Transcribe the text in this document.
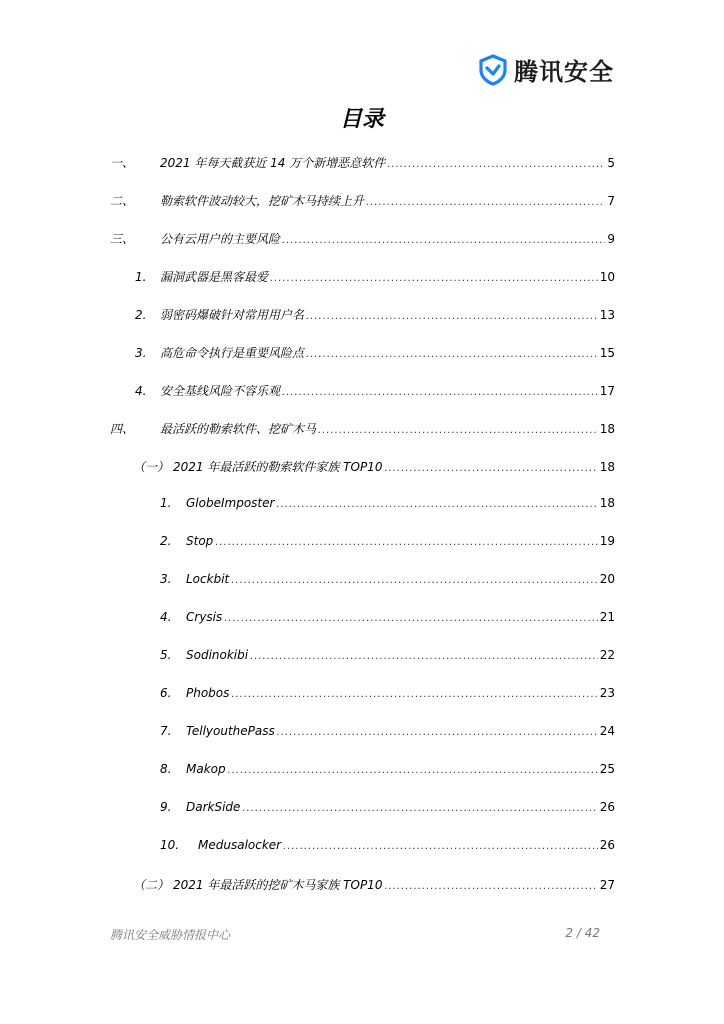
腾讯安全
目录
一、	2021 年每天截获近 14 万个新增恶意软件 .....	5
二、	勒索软件波动较大，挖矿木马持续上升 .....	7
三、	公有云用户的主要风险 .....	9
1.	漏洞武器是黑客最爱 .....	10
2.	弱密码爆破针对常用用户名 .....	13
3.	高危命令执行是重要风险点 .....	15
4.	安全基线风险不容乐观 .....	17
四、	最活跃的勒索软件、挖矿木马 .....	18
（一） 2021 年最活跃的勒索软件家族 TOP10 .....	18
1.	GlobeImposter .....	18
2.	Stop .....	19
3.	Lockbit .....	20
4.	Crysis .....	21
5.	Sodinokibi .....	22
6.	Phobos .....	23
7.	TellyouthePass .....	24
8.	Makop .....	25
9.	DarkSide .....	26
10.	Medusalocker .....	26
（二） 2021 年最活跃的挖矿木马家族 TOP10 .....	27
腾讯安全威胁情报中心	2 / 42
